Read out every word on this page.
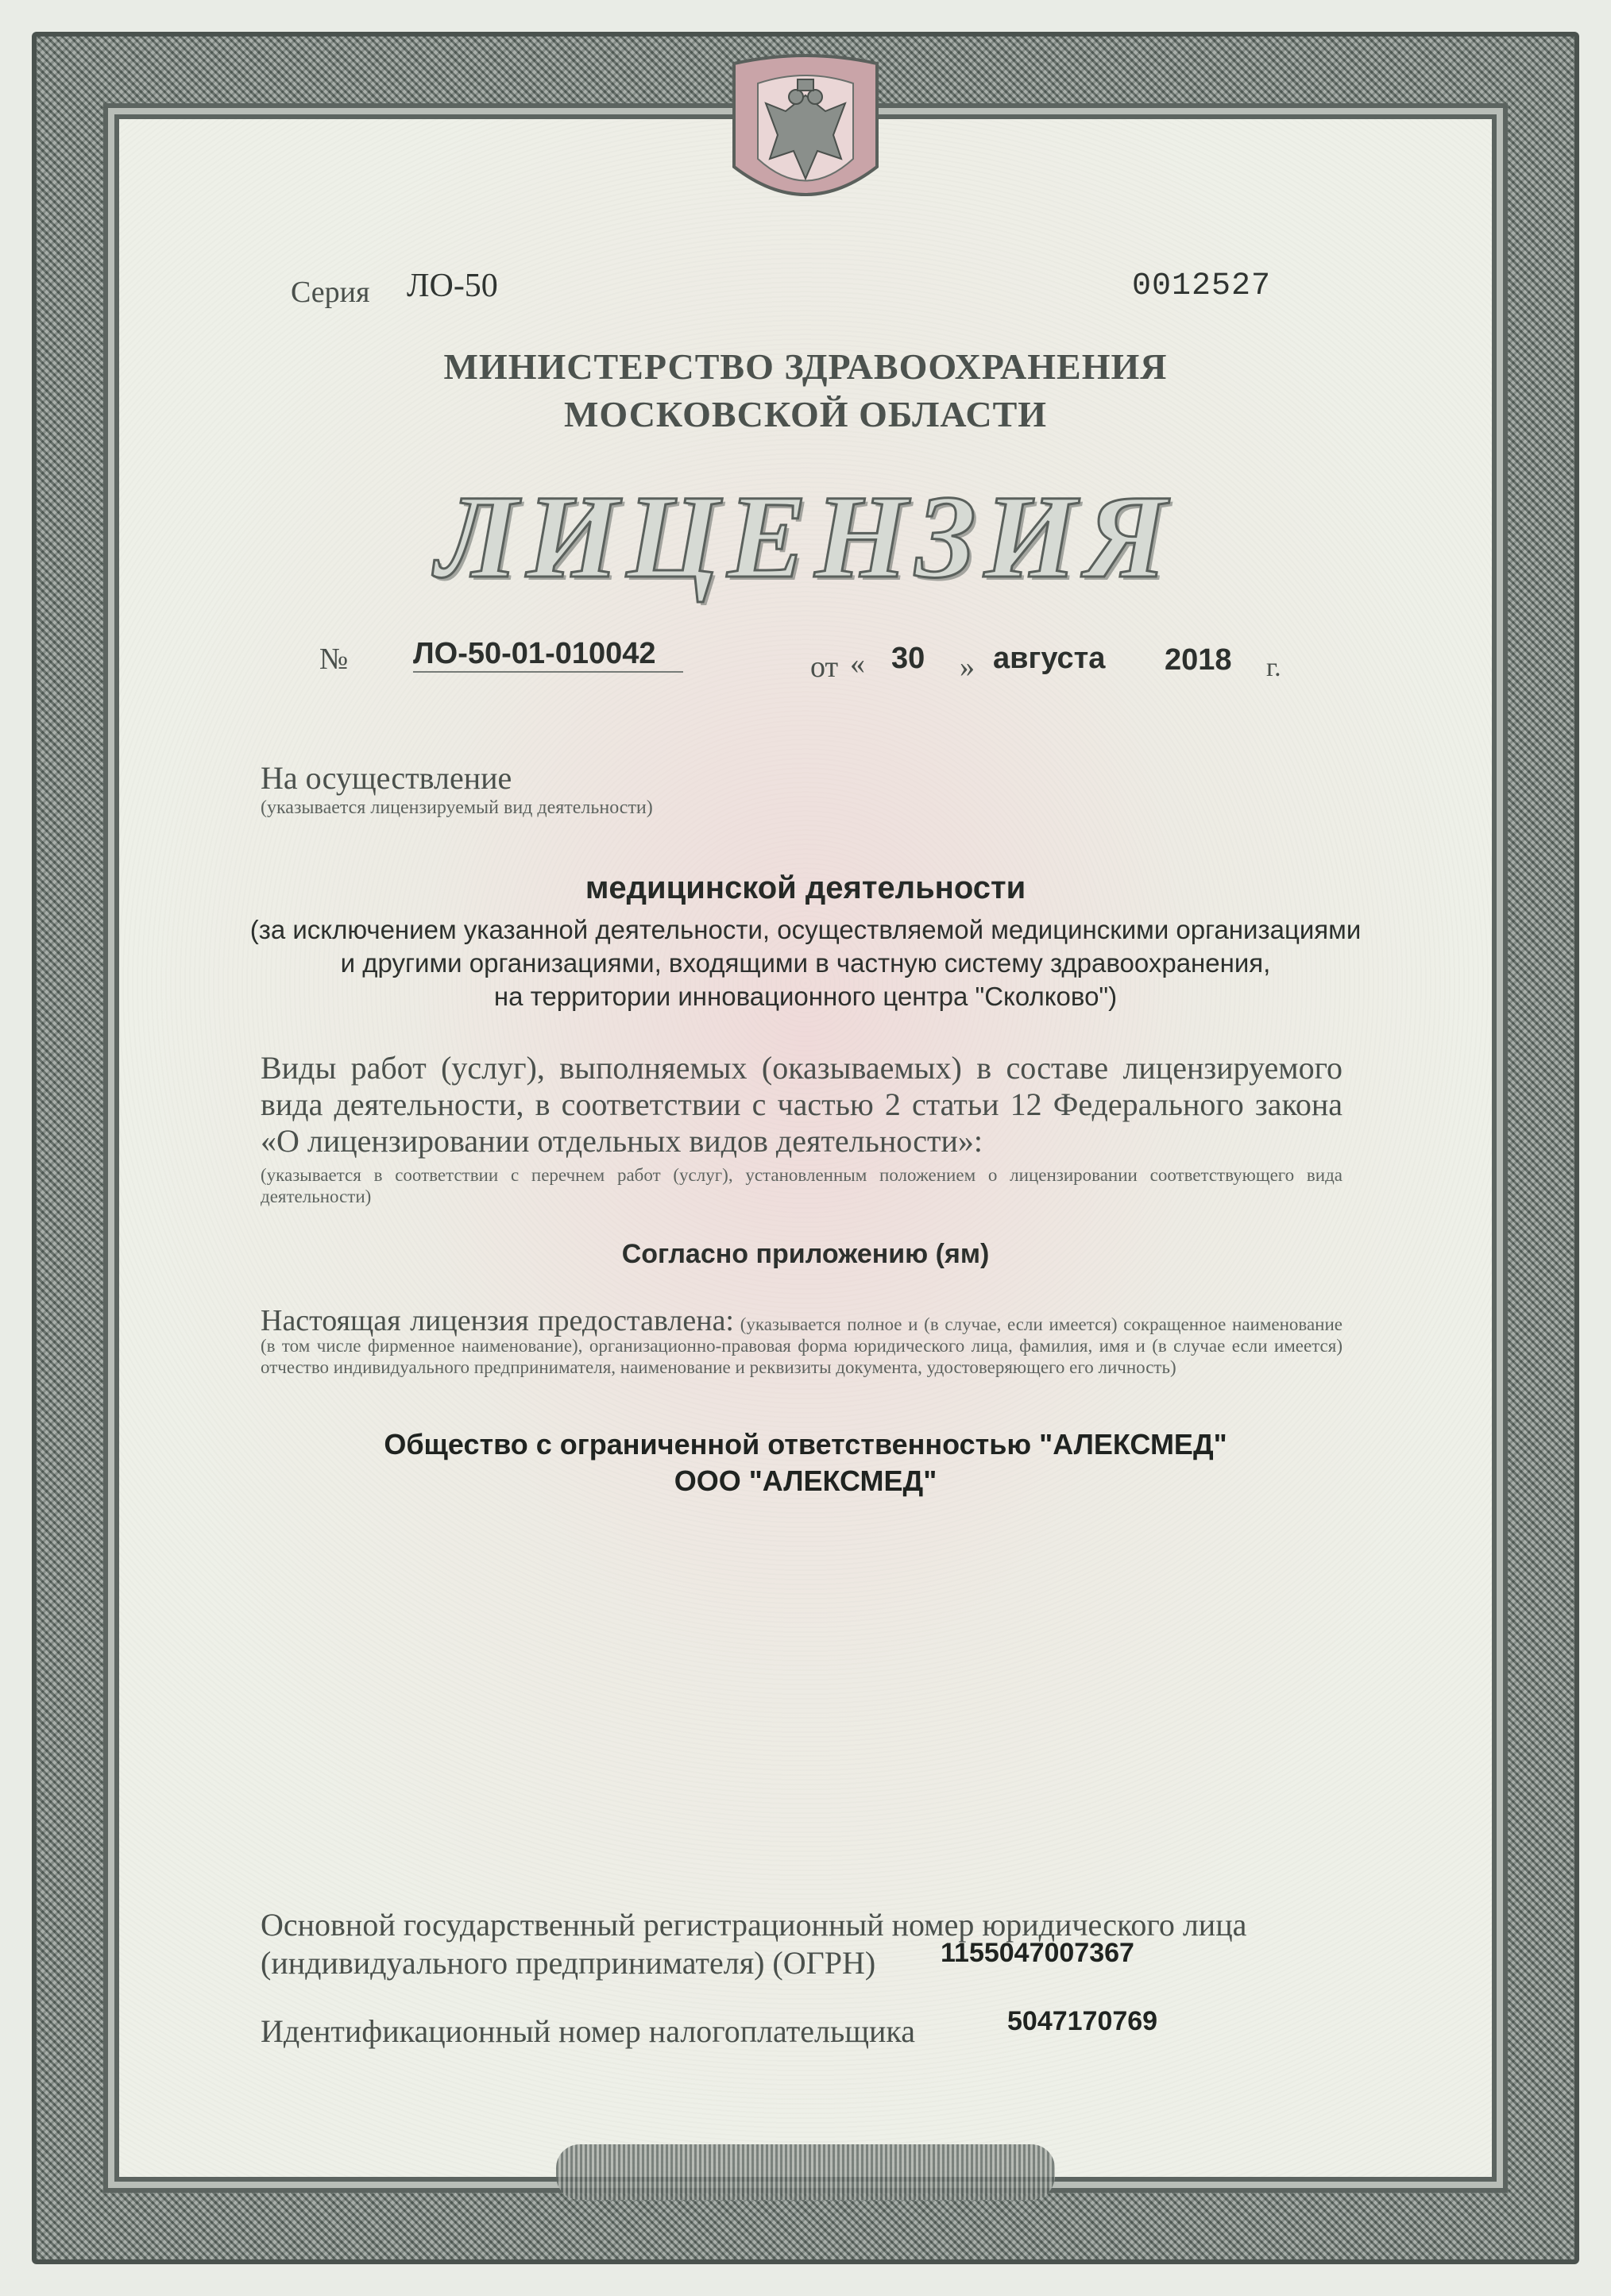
Серия ЛО-50	0012527
МИНИСТЕРСТВО ЗДРАВООХРАНЕНИЯ
МОСКОВСКОЙ ОБЛАСТИ
ЛИЦЕНЗИЯ
№ ЛО-50-01-010042	от « 30 » августа 2018 г.
На осуществление
(указывается лицензируемый вид деятельности)
медицинской деятельности
(за исключением указанной деятельности, осуществляемой медицинскими организациями
и другими организациями, входящими в частную систему здравоохранения,
на территории инновационного центра "Сколково")
Виды работ (услуг), выполняемых (оказываемых) в составе лицензируемого вида деятельности, в соответствии с частью 2 статьи 12 Федерального закона «О лицензировании отдельных видов деятельности»:
(указывается в соответствии с перечнем работ (услуг), установленным положением о лицензировании соответствующего вида деятельности)
Согласно приложению (ям)
Настоящая лицензия предоставлена: (указывается полное и (в случае, если имеется) сокращенное наименование (в том числе фирменное наименование), организационно-правовая форма юридического лица, фамилия, имя и (в случае если имеется) отчество индивидуального предпринимателя, наименование и реквизиты документа, удостоверяющего его личность)
Общество с ограниченной ответственностью "АЛЕКСМЕД"
ООО "АЛЕКСМЕД"
Основной государственный регистрационный номер юридического лица
(индивидуального предпринимателя) (ОГРН)	1155047007367
Идентификационный номер налогоплательщика	5047170769
